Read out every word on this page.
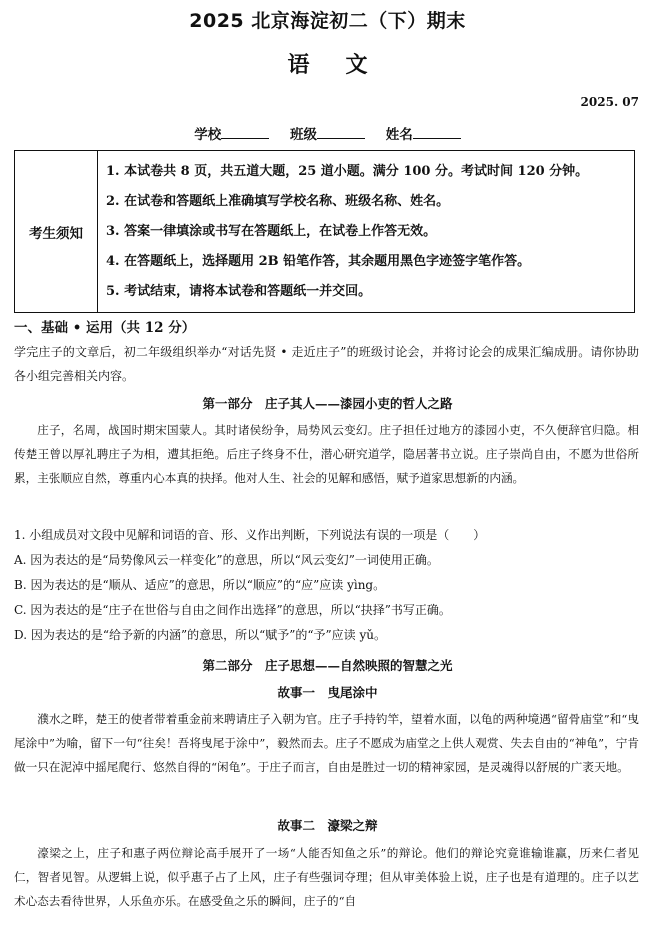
2025 北京海淀初二（下）期末
语文
2025. 07
学校	班级	姓名
考生须知	
1. 本试卷共 8 页，共五道大题，25 道小题。满分 100 分。考试时间 120 分钟。
2. 在试卷和答题纸上准确填写学校名称、班级名称、姓名。
3. 答案一律填涂或书写在答题纸上，在试卷上作答无效。
4. 在答题纸上，选择题用 2B 铅笔作答，其余题用黑色字迹签字笔作答。
5. 考试结束，请将本试卷和答题纸一并交回。
一、基础 • 运用（共 12 分）
学完庄子的文章后，初二年级组织举办“对话先贤 • 走近庄子”的班级讨论会，并将讨论会的成果汇编成册。请你协助各小组完善相关内容。
第一部分　庄子其人——漆园小吏的哲人之路
庄子，名周，战国时期宋国蒙人。其时诸侯纷争，局势风云变幻。庄子担任过地方的漆园小吏，不久便辞官归隐。相传楚王曾以厚礼聘庄子为相，遭其拒绝。后庄子终身不仕，潜心研究道学，隐居著书立说。庄子崇尚自由，不愿为世俗所累，主张顺应自然，尊重内心本真的抉择。他对人生、社会的见解和感悟，赋予道家思想新的内涵。
1. 小组成员对文段中见解和词语的音、形、义作出判断，下列说法有误的一项是（　　）
A. 因为表达的是“局势像风云一样变化”的意思，所以“风云变幻”一词使用正确。
B. 因为表达的是“顺从、适应”的意思，所以“顺应”的“应”应读 yìng。
C. 因为表达的是“庄子在世俗与自由之间作出选择”的意思，所以“抉择”书写正确。
D. 因为表达的是“给予新的内涵”的意思，所以“赋予”的“予”应读 yǔ。
第二部分　庄子思想——自然映照的智慧之光
故事一　曳尾涂中
濮水之畔，楚王的使者带着重金前来聘请庄子入朝为官。庄子手持钓竿，望着水面，以龟的两种境遇“留骨庙堂”和“曳尾涂中”为喻，留下一句“往矣！吾将曳尾于涂中”，毅然而去。庄子不愿成为庙堂之上供人观赏、失去自由的“神龟”，宁肯做一只在泥淖中摇尾爬行、悠然自得的“闲龟”。于庄子而言，自由是胜过一切的精神家园，是灵魂得以舒展的广袤天地。
故事二　濠梁之辩
濠梁之上，庄子和惠子两位辩论高手展开了一场“人能否知鱼之乐”的辩论。他们的辩论究竟谁输谁赢，历来仁者见仁，智者见智。从逻辑上说，似乎惠子占了上风，庄子有些强词夺理；但从审美体验上说，庄子也是有道理的。庄子以艺术心态去看待世界，人乐鱼亦乐。在感受鱼之乐的瞬间，庄子的“自
